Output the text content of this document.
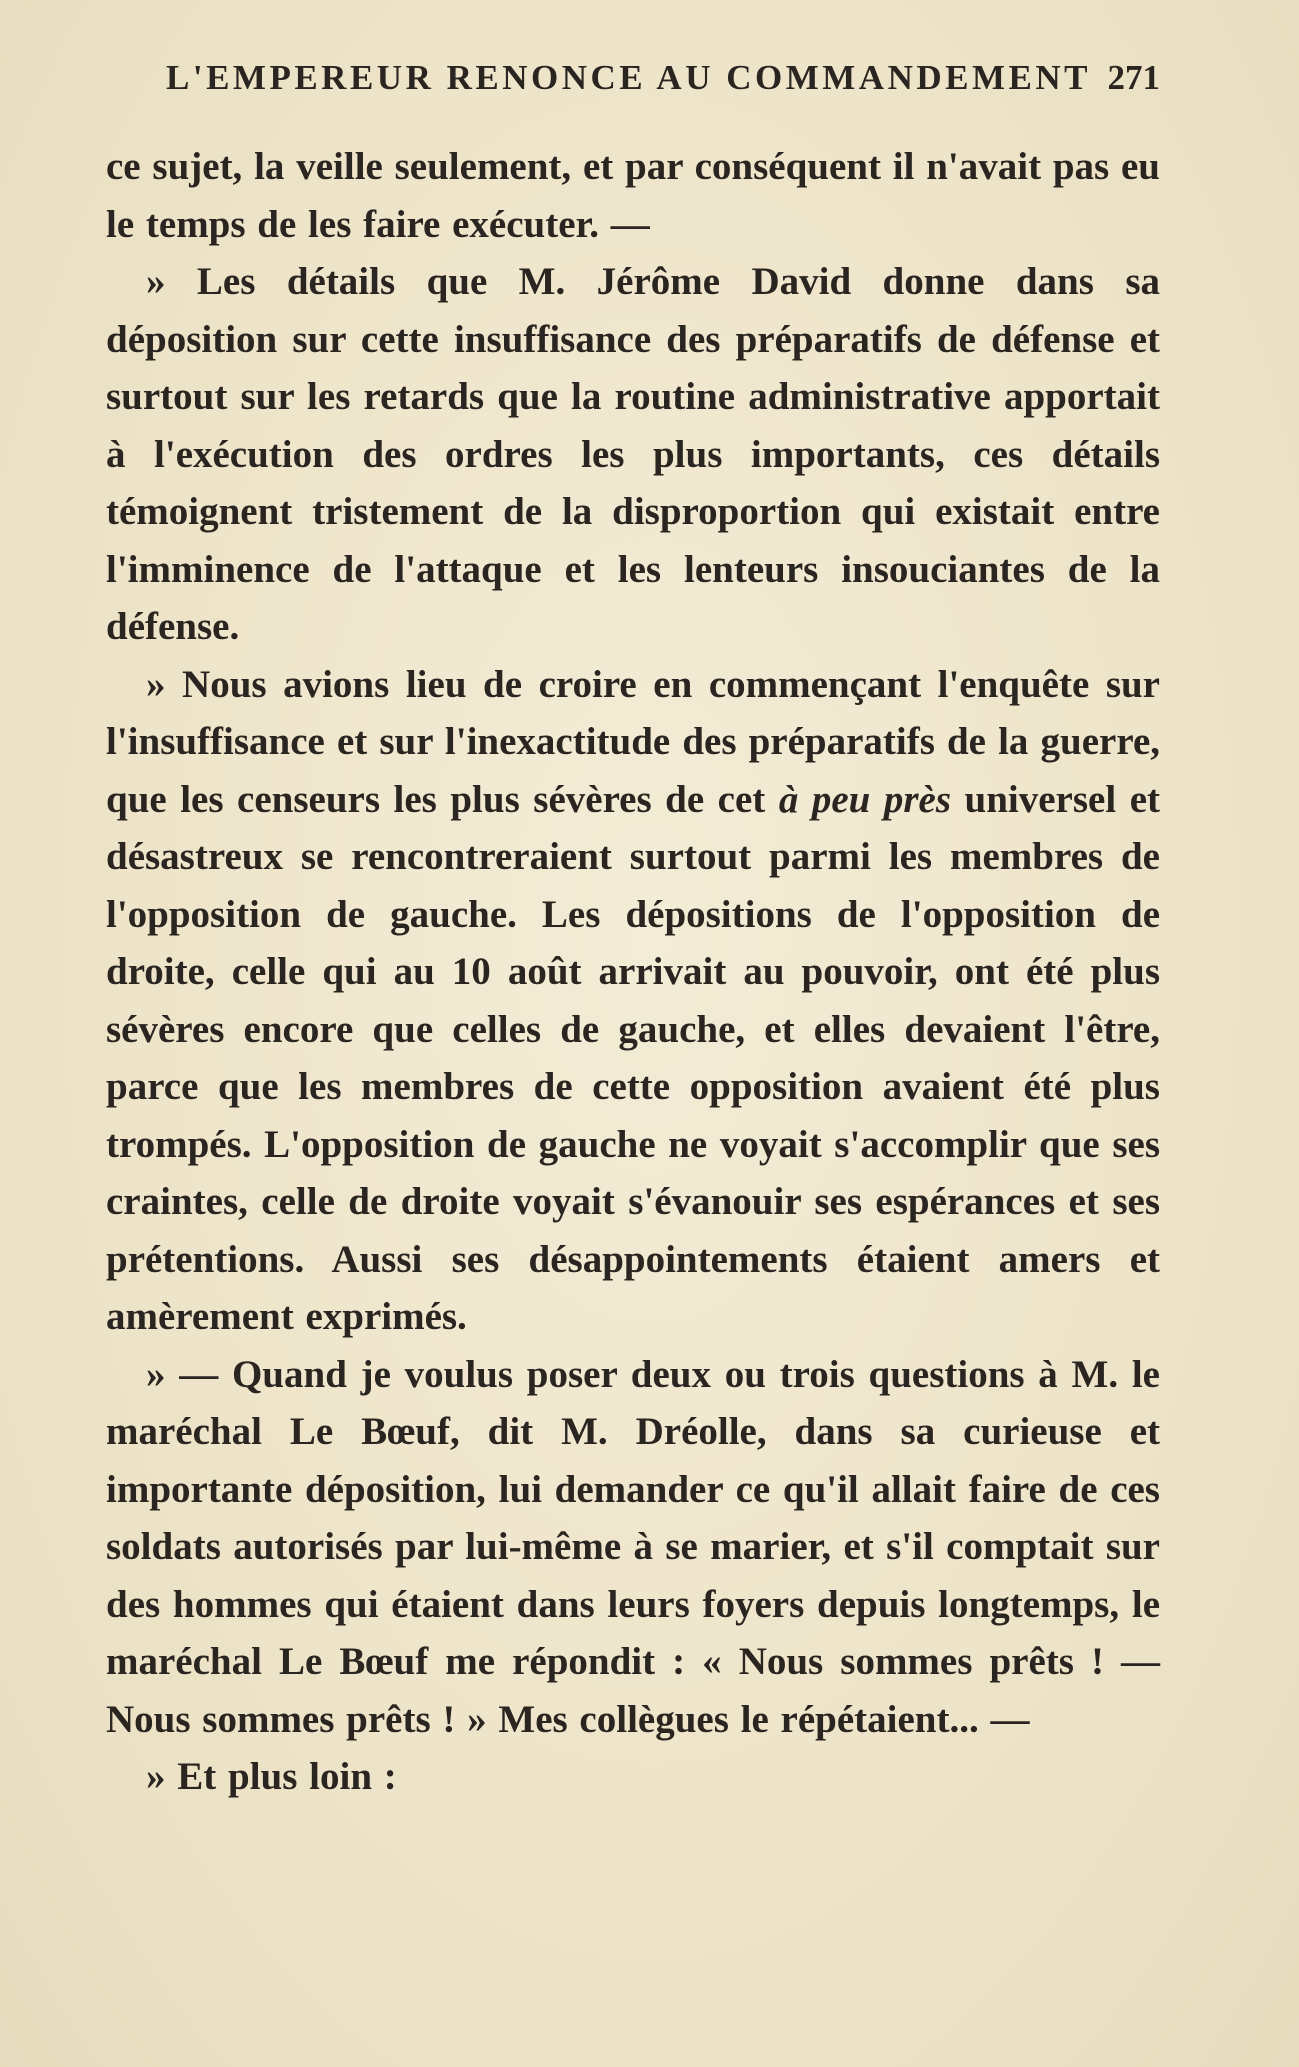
L'EMPEREUR RENONCE AU COMMANDEMENT 271

ce sujet, la veille seulement, et par conséquent il n'avait pas eu le temps de les faire exécuter. —

» Les détails que M. Jérôme David donne dans sa déposition sur cette insuffisance des préparatifs de défense et surtout sur les retards que la routine administrative apportait à l'exécution des ordres les plus importants, ces détails témoignent tristement de la disproportion qui existait entre l'imminence de l'attaque et les lenteurs insouciantes de la défense.

» Nous avions lieu de croire en commençant l'enquête sur l'insuffisance et sur l'inexactitude des préparatifs de la guerre, que les censeurs les plus sévères de cet à peu près universel et désastreux se rencontreraient surtout parmi les membres de l'opposition de gauche. Les dépositions de l'opposition de droite, celle qui au 10 août arrivait au pouvoir, ont été plus sévères encore que celles de gauche, et elles devaient l'être, parce que les membres de cette opposition avaient été plus trompés. L'opposition de gauche ne voyait s'accomplir que ses craintes, celle de droite voyait s'évanouir ses espérances et ses prétentions. Aussi ses désappointements étaient amers et amèrement exprimés.

» — Quand je voulus poser deux ou trois questions à M. le maréchal Le Bœuf, dit M. Dréolle, dans sa curieuse et importante déposition, lui demander ce qu'il allait faire de ces soldats autorisés par lui-même à se marier, et s'il comptait sur des hommes qui étaient dans leurs foyers depuis longtemps, le maréchal Le Bœuf me répondit : « Nous sommes prêts ! — Nous sommes prêts ! » Mes collègues le répétaient... —

» Et plus loin :
